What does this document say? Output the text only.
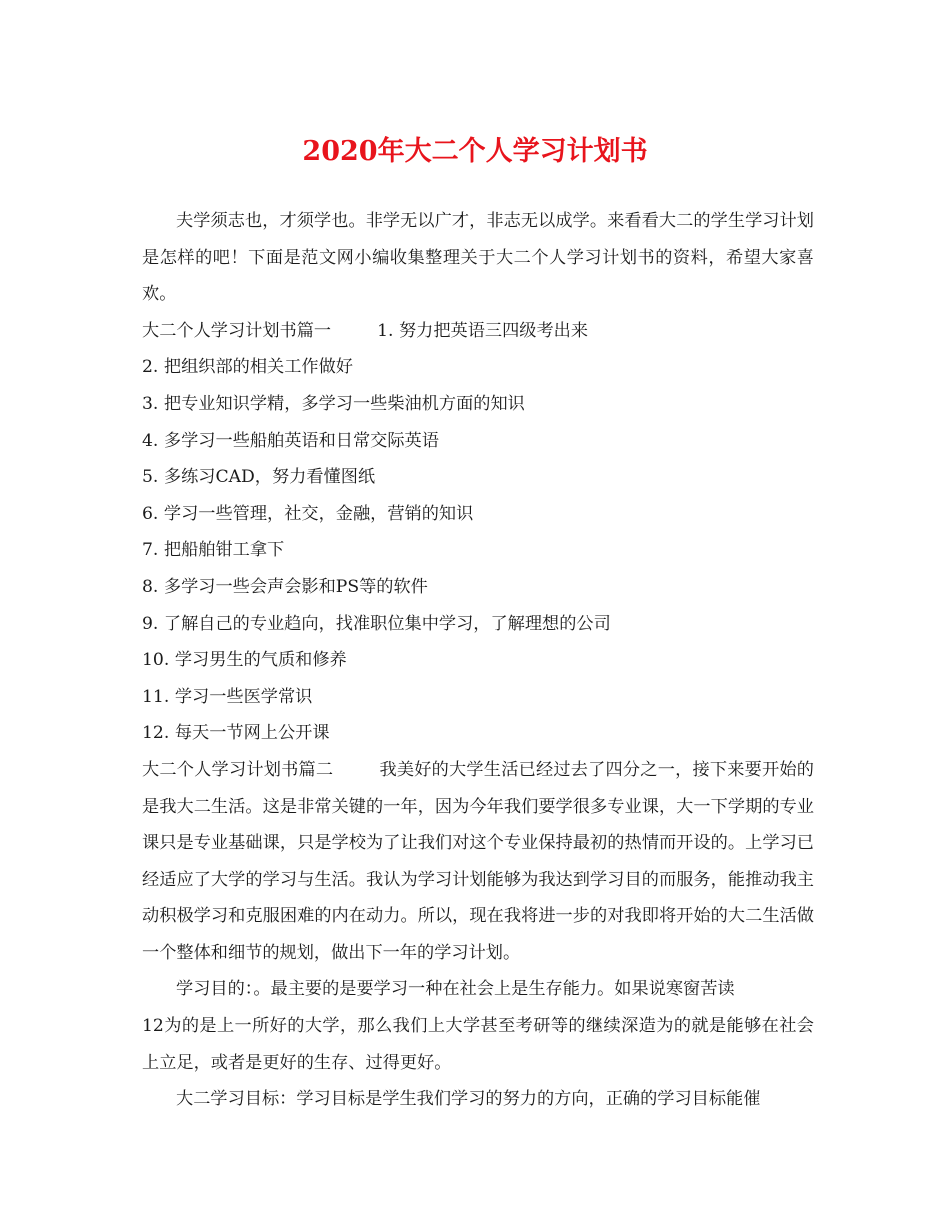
2020年大二个人学习计划书

夫学须志也，才须学也。非学无以广才，非志无以成学。来看看大二的学生学习计划是怎样的吧！下面是范文网小编收集整理关于大二个人学习计划书的资料，希望大家喜欢。

大二个人学习计划书篇一	1. 努力把英语三四级考出来

2. 把组织部的相关工作做好

3. 把专业知识学精，多学习一些柴油机方面的知识

4. 多学习一些船舶英语和日常交际英语

5. 多练习CAD，努力看懂图纸

6. 学习一些管理，社交，金融，营销的知识

7. 把船舶钳工拿下

8. 多学习一些会声会影和PS等的软件

9. 了解自己的专业趋向，找准职位集中学习，了解理想的公司

10. 学习男生的气质和修养

11. 学习一些医学常识

12. 每天一节网上公开课

大二个人学习计划书篇二	我美好的大学生活已经过去了四分之一，接下来要开始的是我大二生活。这是非常关键的一年，因为今年我们要学很多专业课，大一下学期的专业课只是专业基础课，只是学校为了让我们对这个专业保持最初的热情而开设的。上学习已经适应了大学的学习与生活。我认为学习计划能够为我达到学习目的而服务，能推动我主动积极学习和克服困难的内在动力。所以，现在我将进一步的对我即将开始的大二生活做一个整体和细节的规划，做出下一年的学习计划。

学习目的：。最主要的是要学习一种在社会上是生存能力。如果说寒窗苦读

12为的是上一所好的大学，那么我们上大学甚至考研等的继续深造为的就是能够在社会上立足，或者是更好的生存、过得更好。

大二学习目标：学习目标是学生我们学习的努力的方向，正确的学习目标能催
